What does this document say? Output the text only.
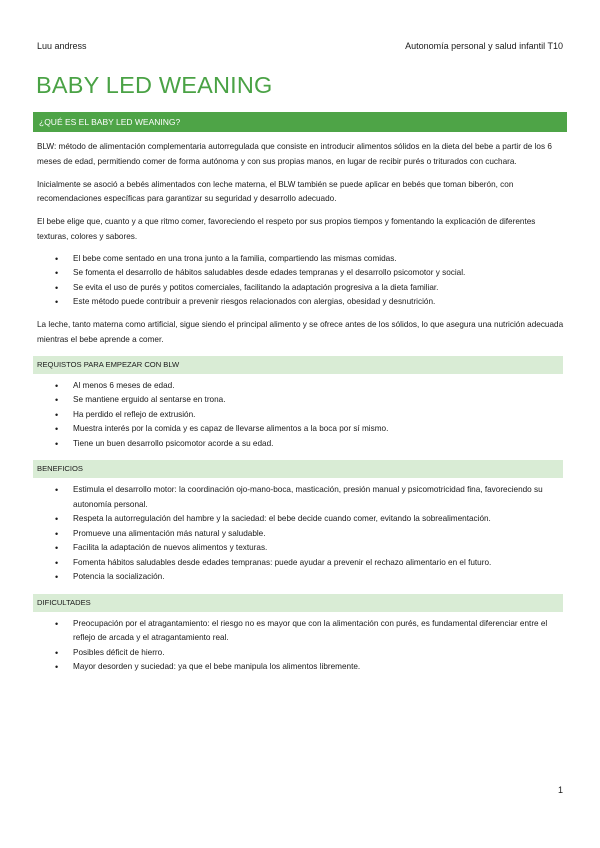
Luu andress	Autonomía personal y salud infantil T10
BABY LED WEANING
¿QUÉ ES EL BABY LED WEANING?

BLW: método de alimentación complementaria autorregulada que consiste en introducir alimentos sólidos en la dieta del bebe a partir de los 6 meses de edad, permitiendo comer de forma autónoma y con sus propias manos, en lugar de recibir purés o triturados con cuchara.

Inicialmente se asoció a bebés alimentados con leche materna, el BLW también se puede aplicar en bebés que toman biberón, con recomendaciones específicas para garantizar su seguridad y desarrollo adecuado.

El bebe elige que, cuanto y a que ritmo comer, favoreciendo el respeto por sus propios tiempos y fomentando la explicación de diferentes texturas, colores y sabores.

• El bebe come sentado en una trona junto a la familia, compartiendo las mismas comidas.
• Se fomenta el desarrollo de hábitos saludables desde edades tempranas y el desarrollo psicomotor y social.
• Se evita el uso de purés y potitos comerciales, facilitando la adaptación progresiva a la dieta familiar.
• Este método puede contribuir a prevenir riesgos relacionados con alergias, obesidad y desnutrición.

La leche, tanto materna como artificial, sigue siendo el principal alimento y se ofrece antes de los sólidos, lo que asegura una nutrición adecuada mientras el bebe aprende a comer.

REQUISTOS PARA EMPEZAR CON BLW
• Al menos 6 meses de edad.
• Se mantiene erguido al sentarse en trona.
• Ha perdido el reflejo de extrusión.
• Muestra interés por la comida y es capaz de llevarse alimentos a la boca por sí mismo.
• Tiene un buen desarrollo psicomotor acorde a su edad.
BENEFICIOS
• Estimula el desarrollo motor: la coordinación ojo-mano-boca, masticación, presión manual y psicomotricidad fina, favoreciendo su autonomía personal.
• Respeta la autorregulación del hambre y la saciedad: el bebe decide cuando comer, evitando la sobrealimentación.
• Promueve una alimentación más natural y saludable.
• Facilita la adaptación de nuevos alimentos y texturas.
• Fomenta hábitos saludables desde edades tempranas: puede ayudar a prevenir el rechazo alimentario en el futuro.
• Potencia la socialización.
DIFICULTADES
• Preocupación por el atragantamiento: el riesgo no es mayor que con la alimentación con purés, es fundamental diferenciar entre el reflejo de arcada y el atragantamiento real.
• Posibles déficit de hierro.
• Mayor desorden y suciedad: ya que el bebe manipula los alimentos libremente.
1
